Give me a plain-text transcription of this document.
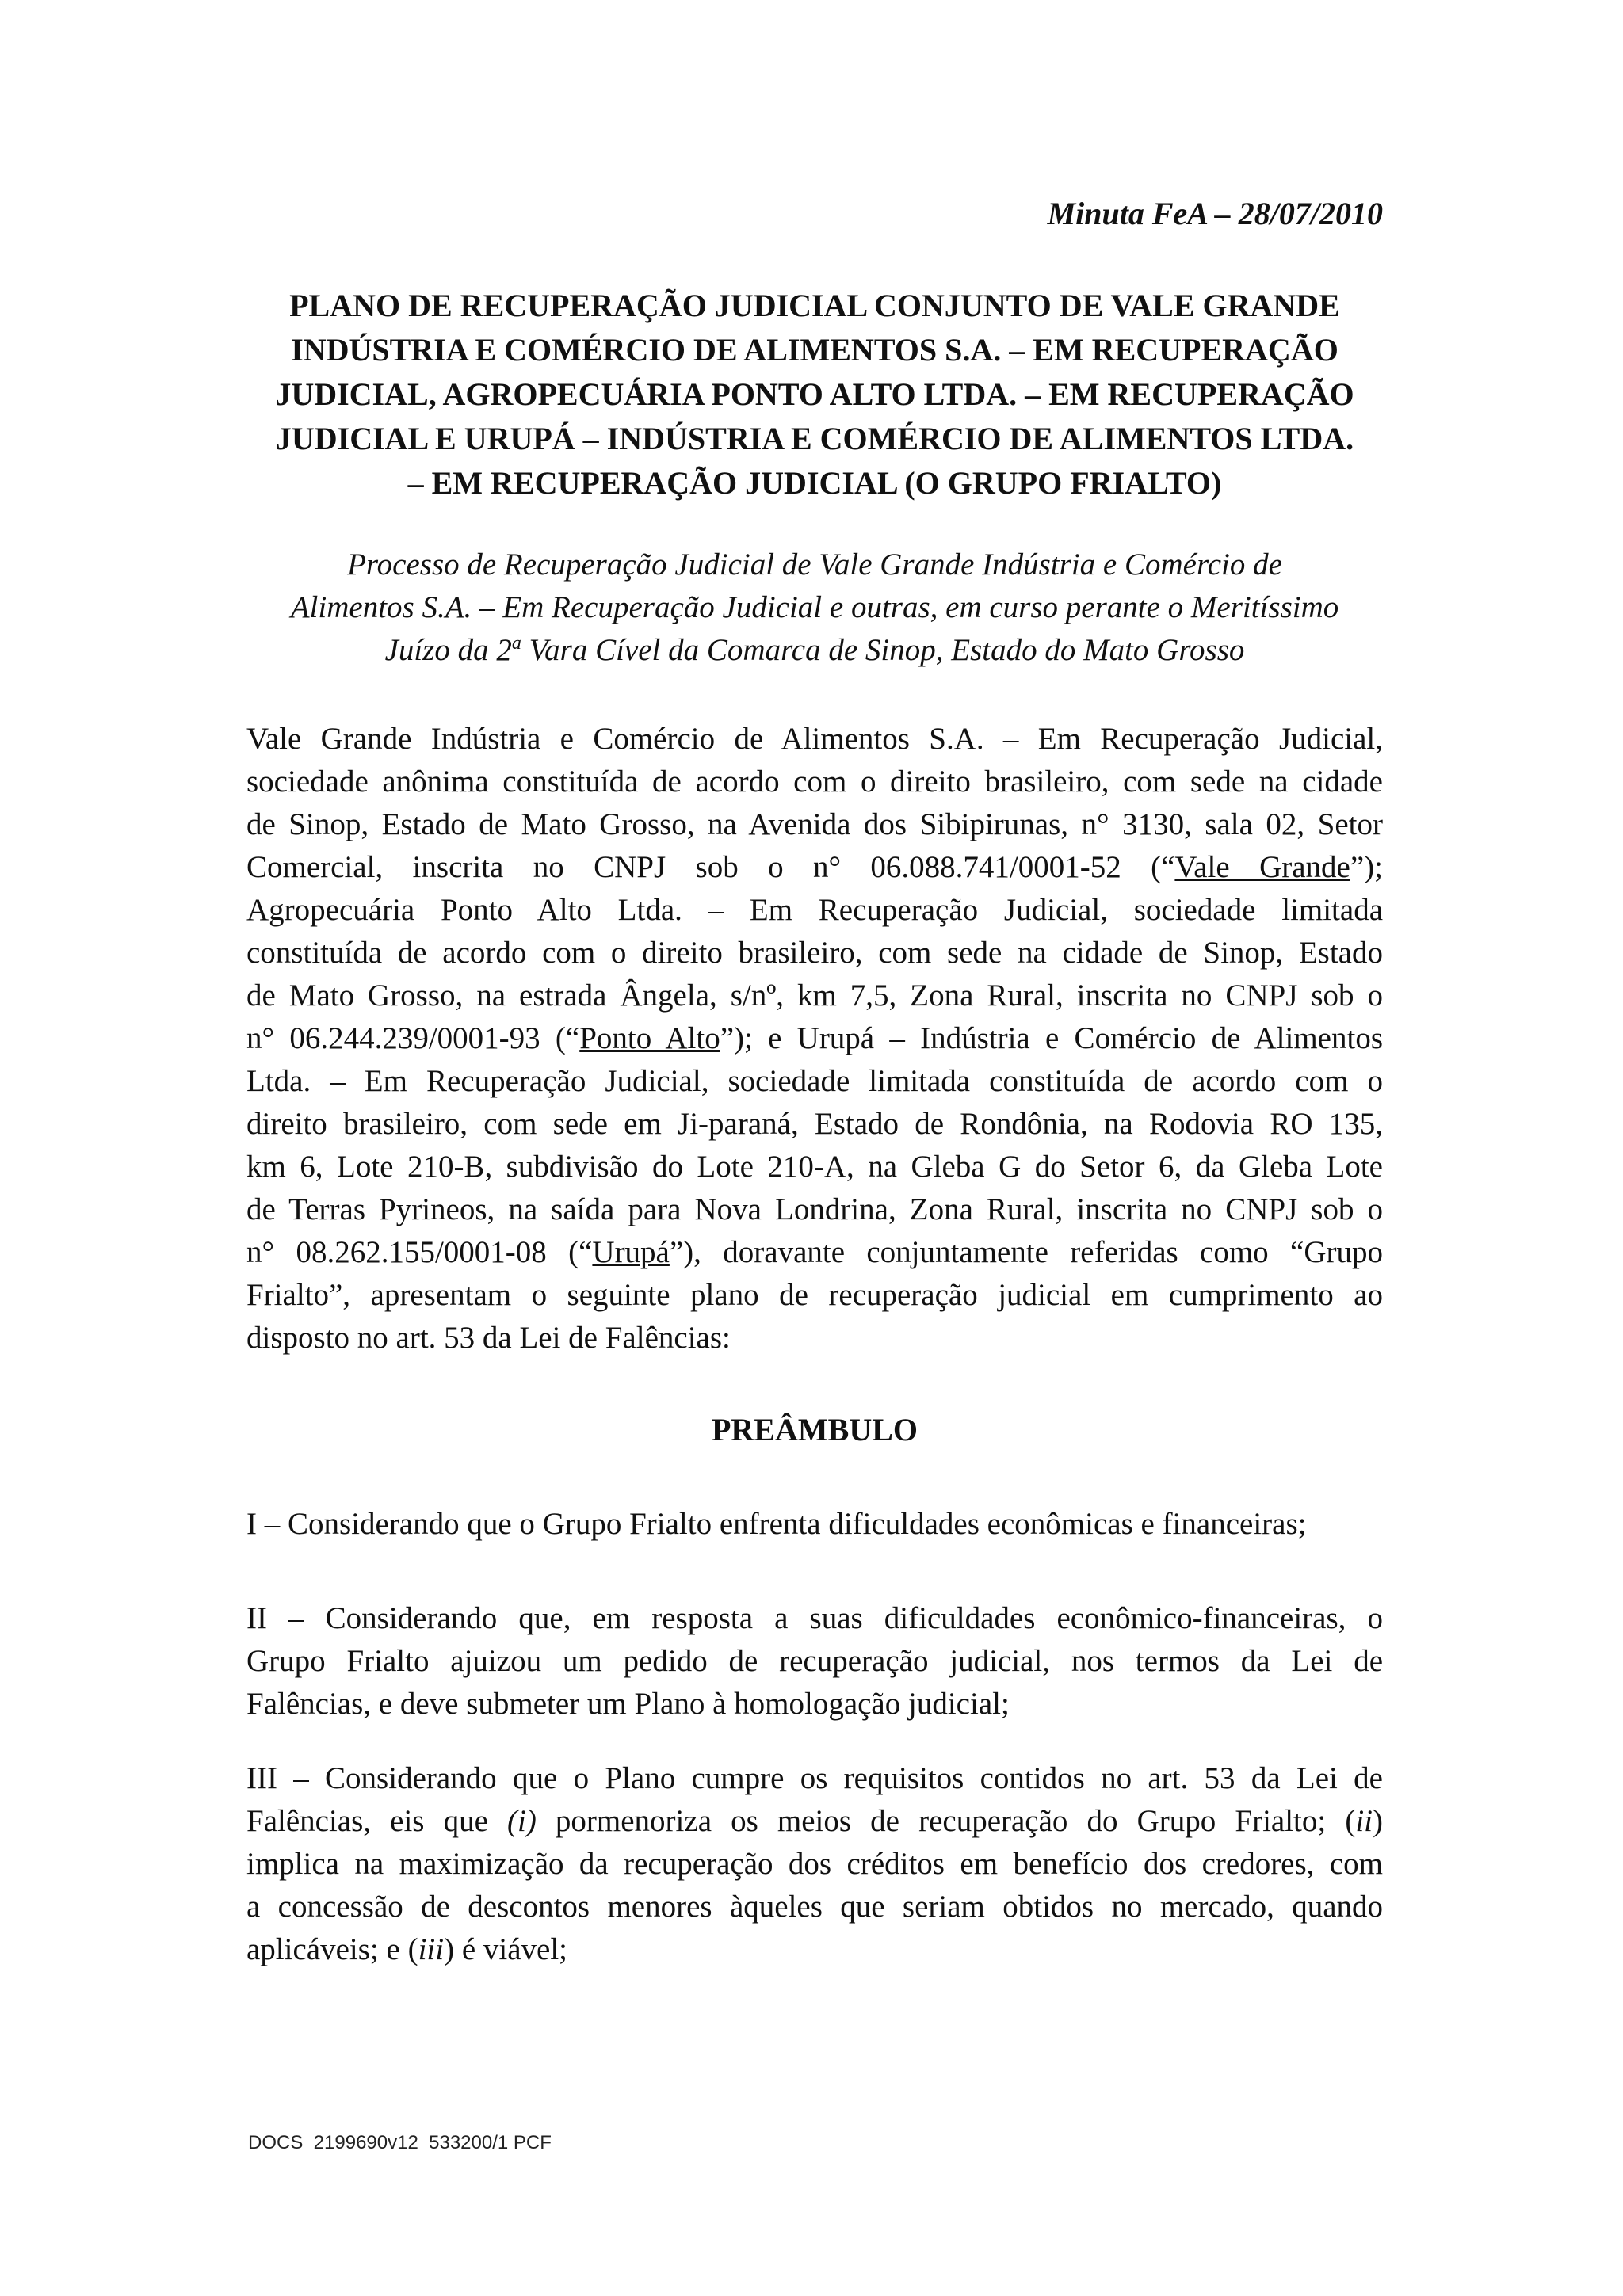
Minuta FeA – 28/07/2010
PLANO DE RECUPERAÇÃO JUDICIAL CONJUNTO DE VALE GRANDE
INDÚSTRIA E COMÉRCIO DE ALIMENTOS S.A. – EM RECUPERAÇÃO
JUDICIAL, AGROPECUÁRIA PONTO ALTO LTDA. – EM RECUPERAÇÃO
JUDICIAL E URUPÁ – INDÚSTRIA E COMÉRCIO DE ALIMENTOS LTDA.
– EM RECUPERAÇÃO JUDICIAL (O GRUPO FRIALTO)

Processo de Recuperação Judicial de Vale Grande Indústria e Comércio de
Alimentos S.A. – Em Recuperação Judicial e outras, em curso perante o Meritíssimo
Juízo da 2$^a$ Vara Cível da Comarca de Sinop, Estado do Mato Grosso

Vale Grande Indústria e Comércio de Alimentos S.A. – Em Recuperação Judicial,
sociedade anônima constituída de acordo com o direito brasileiro, com sede na cidade
de Sinop, Estado de Mato Grosso, na Avenida dos Sibipirunas, n° 3130, sala 02, Setor
Comercial, inscrita no CNPJ sob o n° 06.088.741/0001-52 (“Vale Grande”);
Agropecuária Ponto Alto Ltda. – Em Recuperação Judicial, sociedade limitada
constituída de acordo com o direito brasileiro, com sede na cidade de Sinop, Estado
de Mato Grosso, na estrada Ângela, s/nº, km 7,5, Zona Rural, inscrita no CNPJ sob o
n° 06.244.239/0001-93 (“Ponto Alto”); e Urupá – Indústria e Comércio de Alimentos
Ltda. – Em Recuperação Judicial, sociedade limitada constituída de acordo com o
direito brasileiro, com sede em Ji-paraná, Estado de Rondônia, na Rodovia RO 135,
km 6, Lote 210-B, subdivisão do Lote 210-A, na Gleba G do Setor 6, da Gleba Lote
de Terras Pyrineos, na saída para Nova Londrina, Zona Rural, inscrita no CNPJ sob o
n° 08.262.155/0001-08 (“Urupá”), doravante conjuntamente referidas como “Grupo
Frialto”, apresentam o seguinte plano de recuperação judicial em cumprimento ao
disposto no art. 53 da Lei de Falências:

PREÂMBULO

I – Considerando que o Grupo Frialto enfrenta dificuldades econômicas e financeiras;

II – Considerando que, em resposta a suas dificuldades econômico-financeiras, o
Grupo Frialto ajuizou um pedido de recuperação judicial, nos termos da Lei de
Falências, e deve submeter um Plano à homologação judicial;

III – Considerando que o Plano cumpre os requisitos contidos no art. 53 da Lei de
Falências, eis que (i) pormenoriza os meios de recuperação do Grupo Frialto; (ii)
implica na maximização da recuperação dos créditos em benefício dos credores, com
a concessão de descontos menores àqueles que seriam obtidos no mercado, quando
aplicáveis; e (iii) é viável;

DOCS  2199690v12  533200/1 PCF
